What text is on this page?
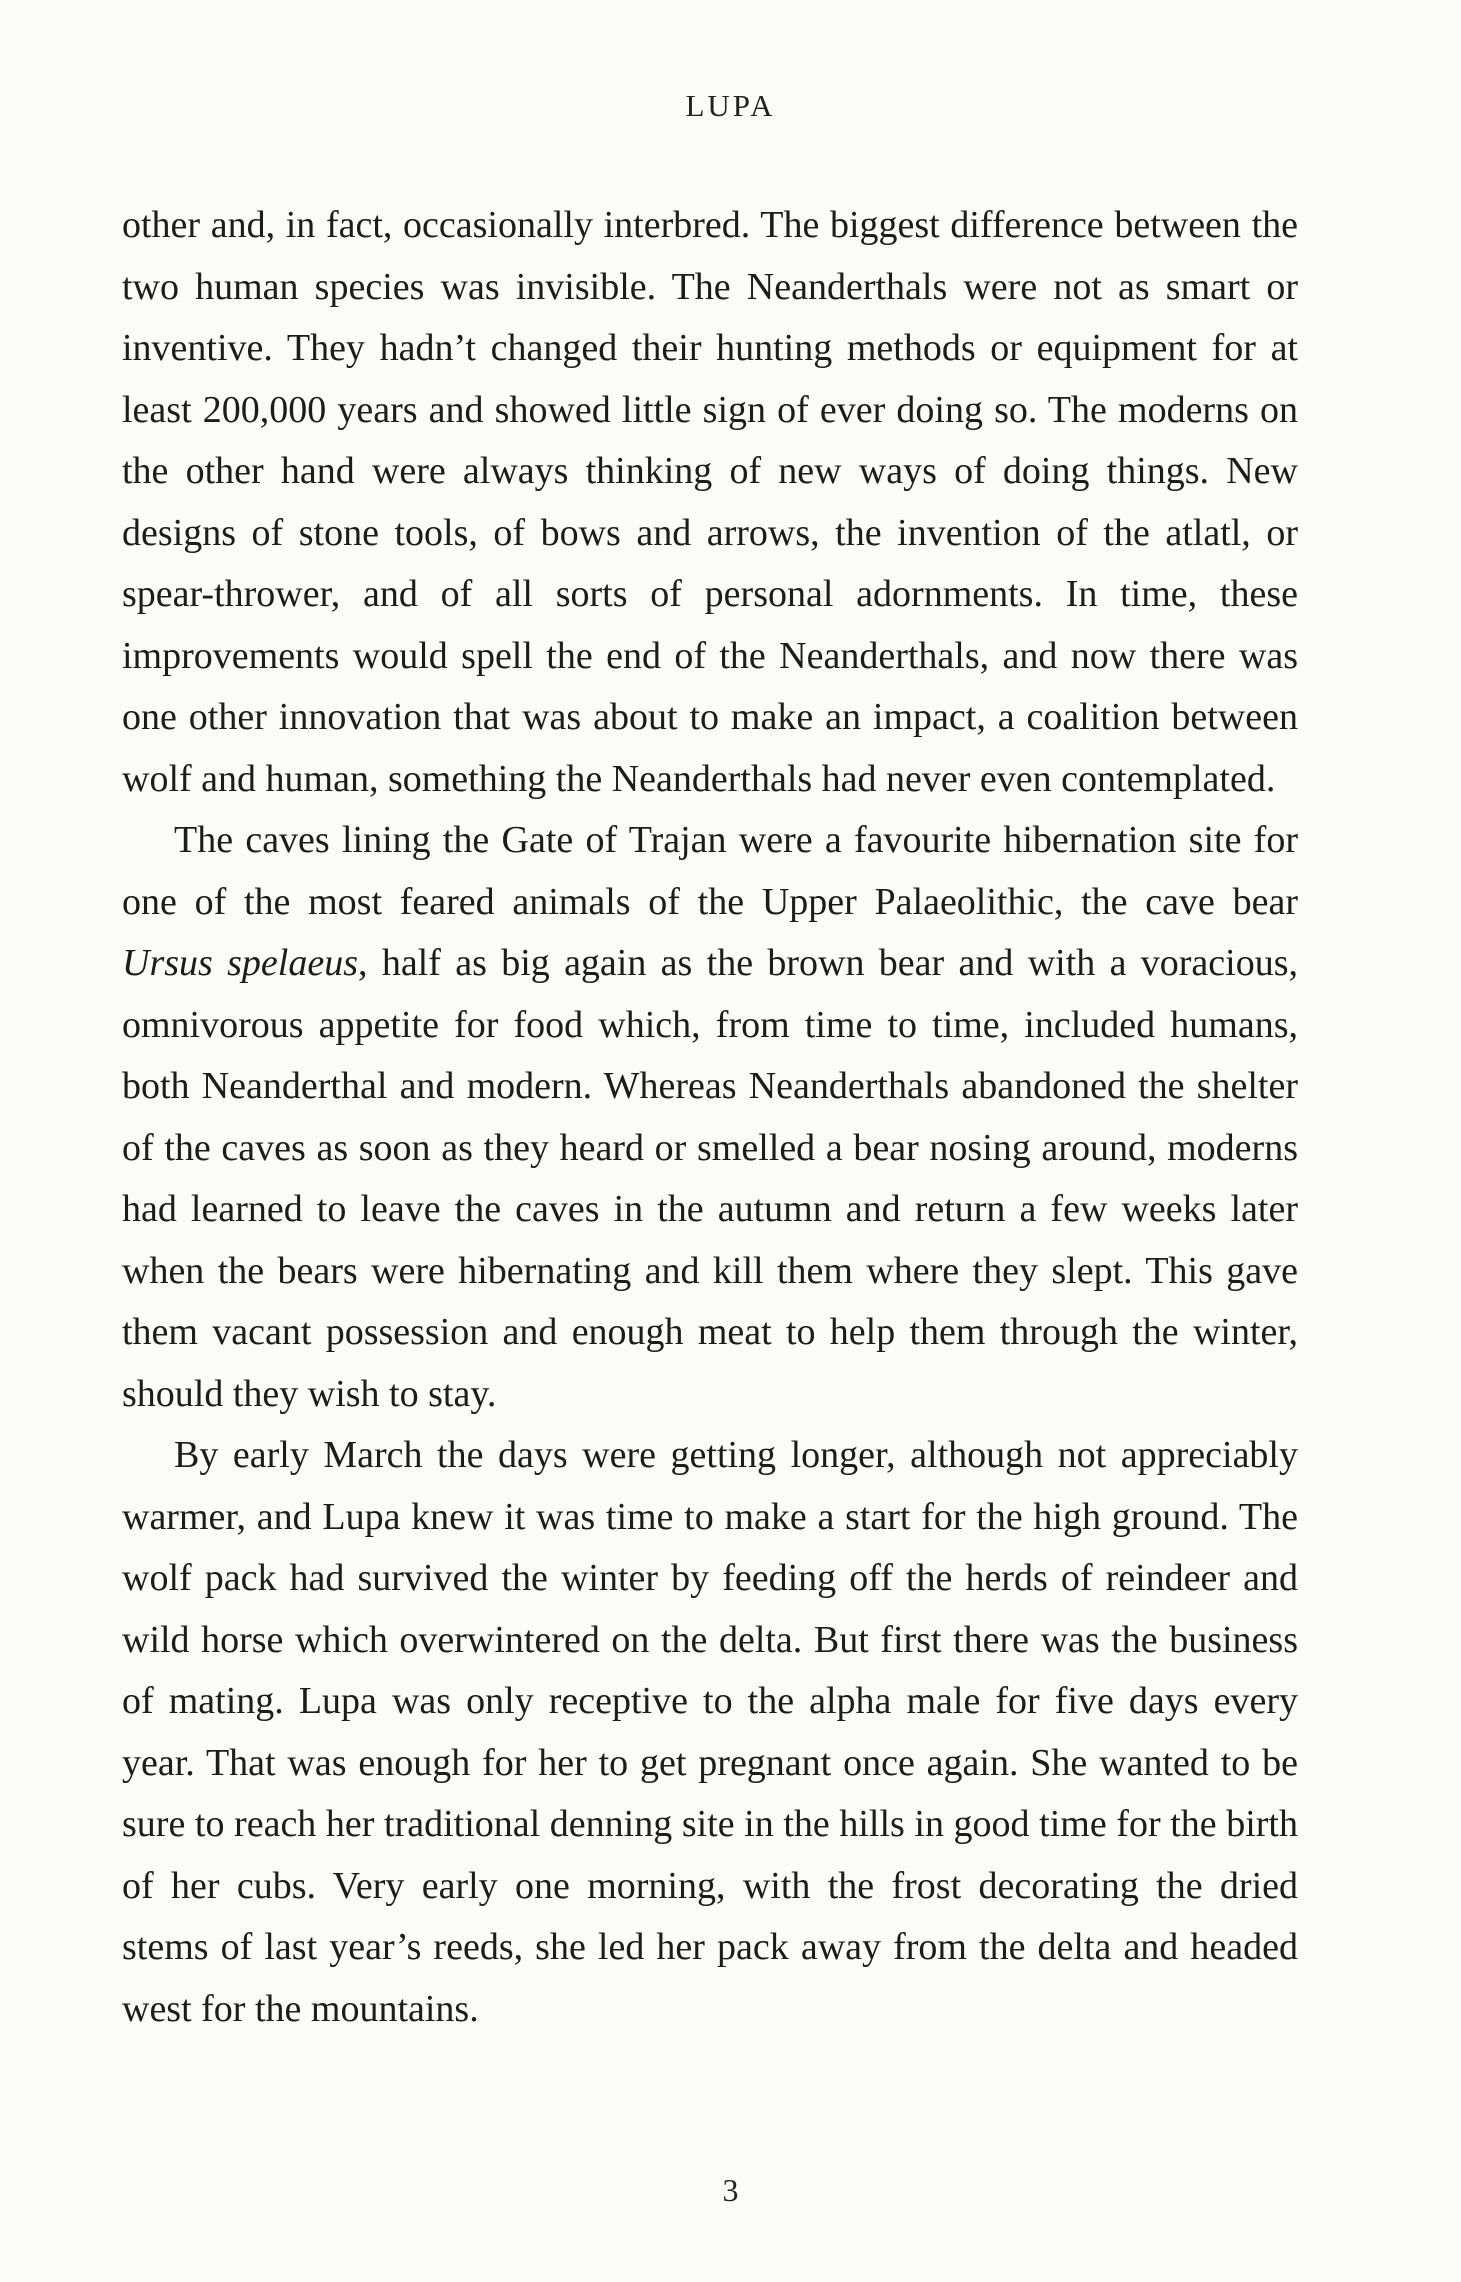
LUPA

other and, in fact, occasionally interbred. The biggest difference between the two human species was invisible. The Neanderthals were not as smart or inventive. They hadn’t changed their hunting methods or equipment for at least 200,000 years and showed little sign of ever doing so. The moderns on the other hand were always thinking of new ways of doing things. New designs of stone tools, of bows and arrows, the invention of the atlatl, or spear-thrower, and of all sorts of personal adornments. In time, these improvements would spell the end of the Neanderthals, and now there was one other innovation that was about to make an impact, a coalition between wolf and human, something the Neanderthals had never even contemplated.

The caves lining the Gate of Trajan were a favourite hibernation site for one of the most feared animals of the Upper Palaeolithic, the cave bear Ursus spelaeus, half as big again as the brown bear and with a voracious, omnivorous appetite for food which, from time to time, included humans, both Neanderthal and modern. Whereas Neanderthals abandoned the shelter of the caves as soon as they heard or smelled a bear nosing around, moderns had learned to leave the caves in the autumn and return a few weeks later when the bears were hibernating and kill them where they slept. This gave them vacant possession and enough meat to help them through the winter, should they wish to stay.

By early March the days were getting longer, although not appreciably warmer, and Lupa knew it was time to make a start for the high ground. The wolf pack had survived the winter by feeding off the herds of reindeer and wild horse which overwintered on the delta. But first there was the business of mating. Lupa was only receptive to the alpha male for five days every year. That was enough for her to get pregnant once again. She wanted to be sure to reach her traditional denning site in the hills in good time for the birth of her cubs. Very early one morning, with the frost decorating the dried stems of last year’s reeds, she led her pack away from the delta and headed west for the mountains.

3
